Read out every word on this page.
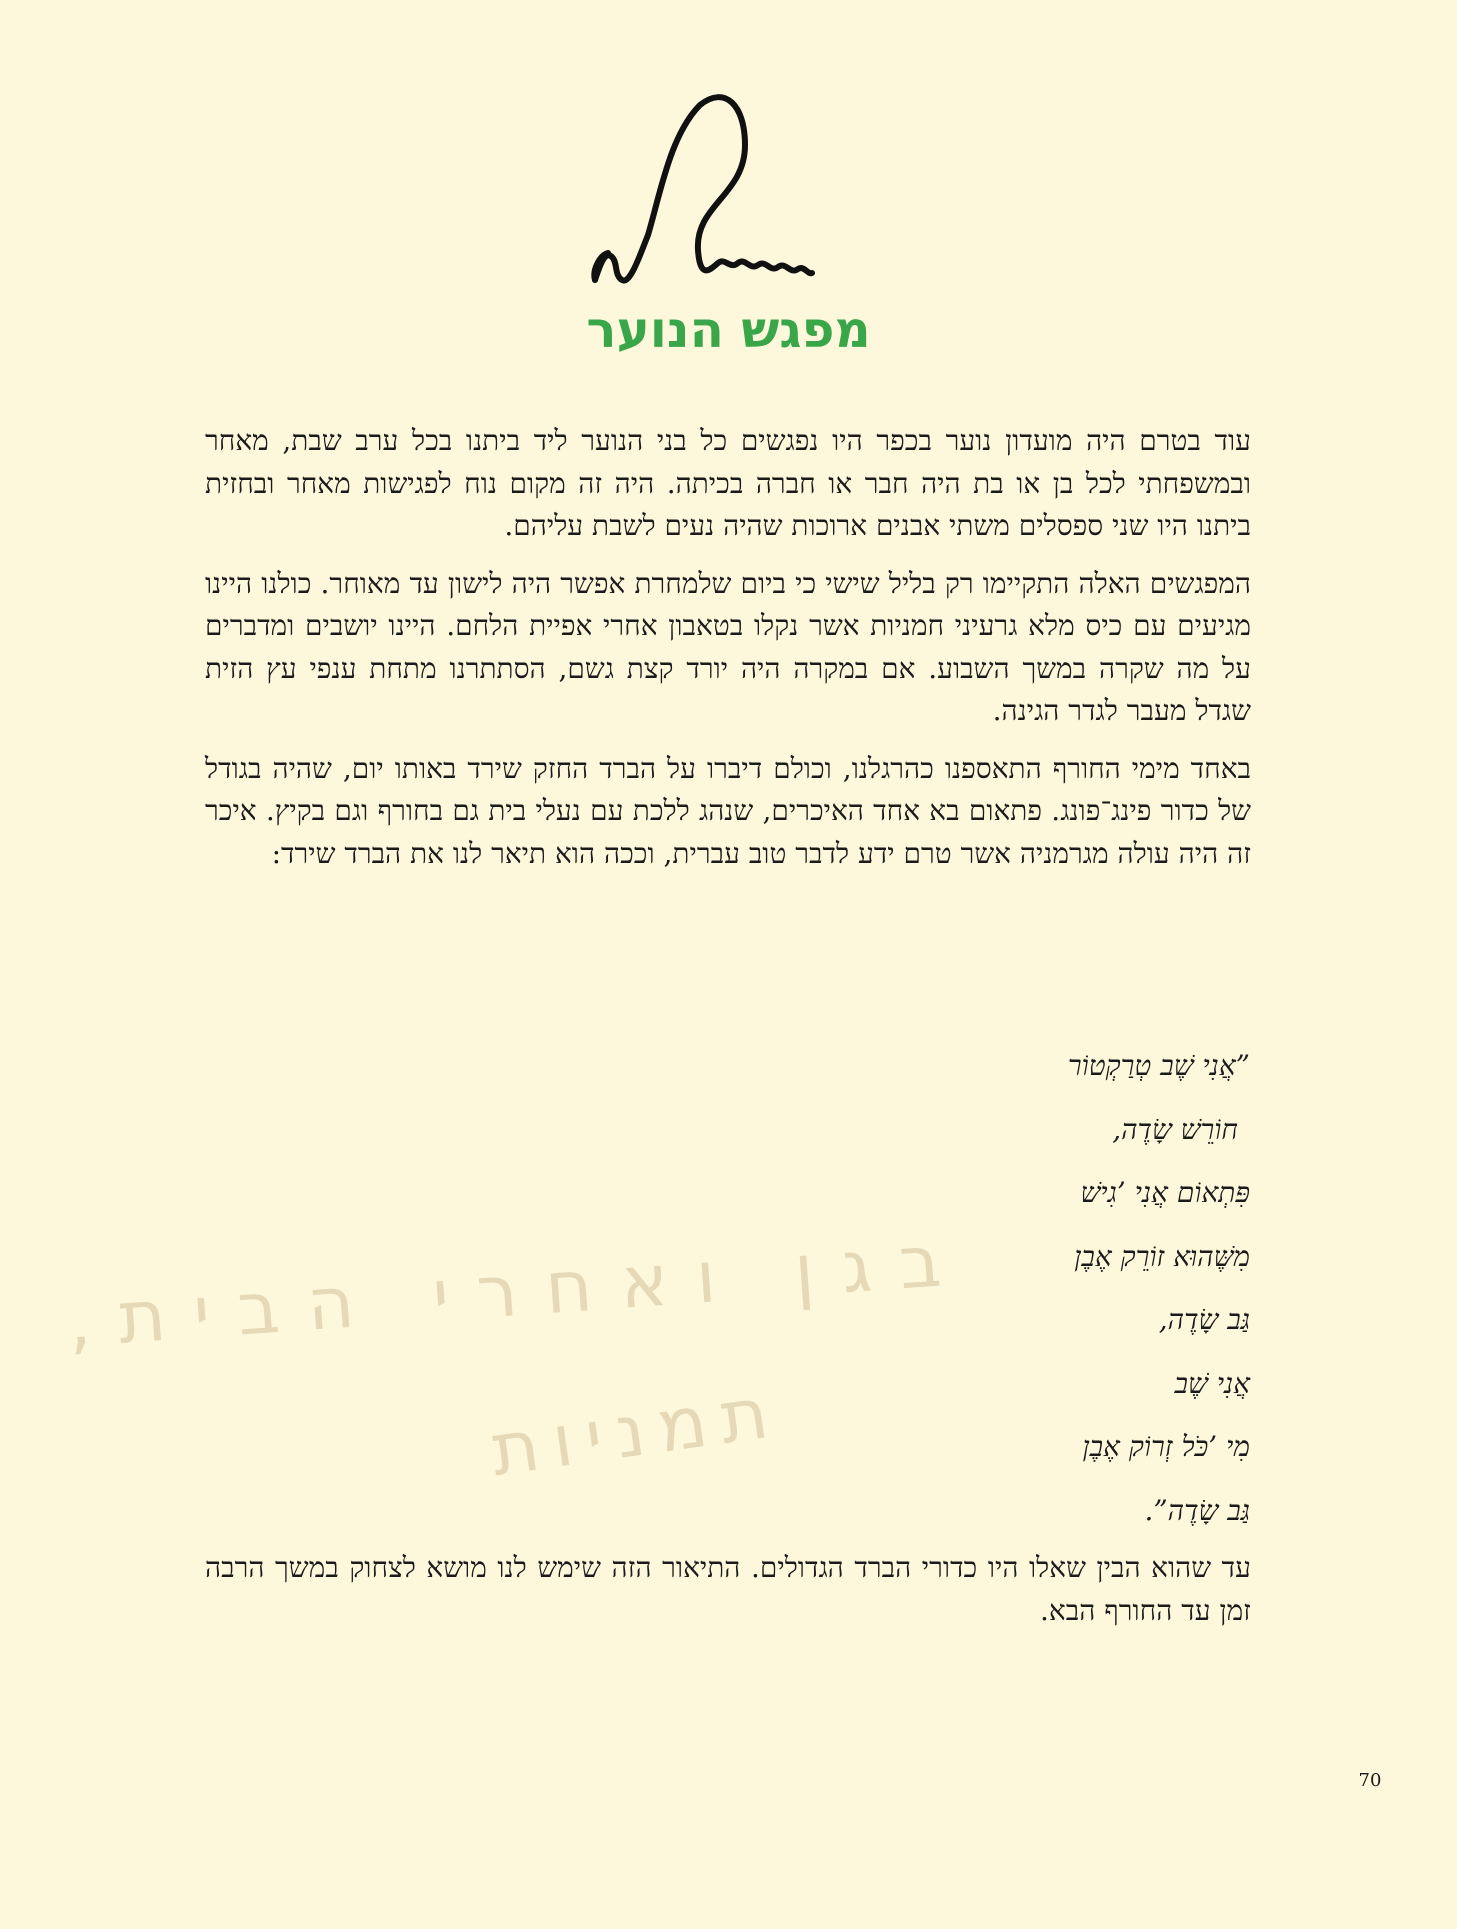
מפגש הנוער

עוד בטרם היה מועדון נוער בכפר היו נפגשים כל בני הנוער ליד ביתנו בכל ערב שבת, מאחר ובמשפחתי לכל בן או בת היה חבר או חברה בכיתה. היה זה מקום נוח לפגישות מאחר ובחזית ביתנו היו שני ספסלים משתי אבנים ארוכות שהיה נעים לשבת עליהם.

המפגשים האלה התקיימו רק בליל שישי כי ביום שלמחרת אפשר היה לישון עד מאוחר. כולנו היינו מגיעים עם כיס מלא גרעיני חמניות אשר נקלו בטאבון אחרי אפיית הלחם. היינו יושבים ומדברים על מה שקרה במשך השבוע. אם במקרה היה יורד קצת גשם, הסתתרנו מתחת ענפי עץ הזית שגדל מעבר לגדר הגינה.

באחד מימי החורף התאספנו כהרגלנו, וכולם דיברו על הברד החזק שירד באותו יום, שהיה בגודל של כדור פינג־פונג. פתאום בא אחד האיכרים, שנהג ללכת עם נעלי בית גם בחורף וגם בקיץ. איכר זה היה עולה מגרמניה אשר טרם ידע לדבר טוב עברית, וככה הוא תיאר לנו את הברד שירד:

בגן ואחרי הבית,
תמניות
”אֲנִי שֶׁב טְרַקְטוֹר
חוֹרֵשׁ שָׂדֶה,
פִּתְאוֹם אֲנִי ’גִישׁ
מִשֶּׁהוּא זוֹרֵק אֶבֶן
גַּב שָׂדֶה,
אֲנִי שֶׁב
מִי ’כֹּל זְרוֹק אֶבֶן
גַּב שָׂדֶה”.

עד שהוא הבין שאלו היו כדורי הברד הגדולים. התיאור הזה שימש לנו מושא לצחוק במשך הרבה זמן עד החורף הבא.

70
